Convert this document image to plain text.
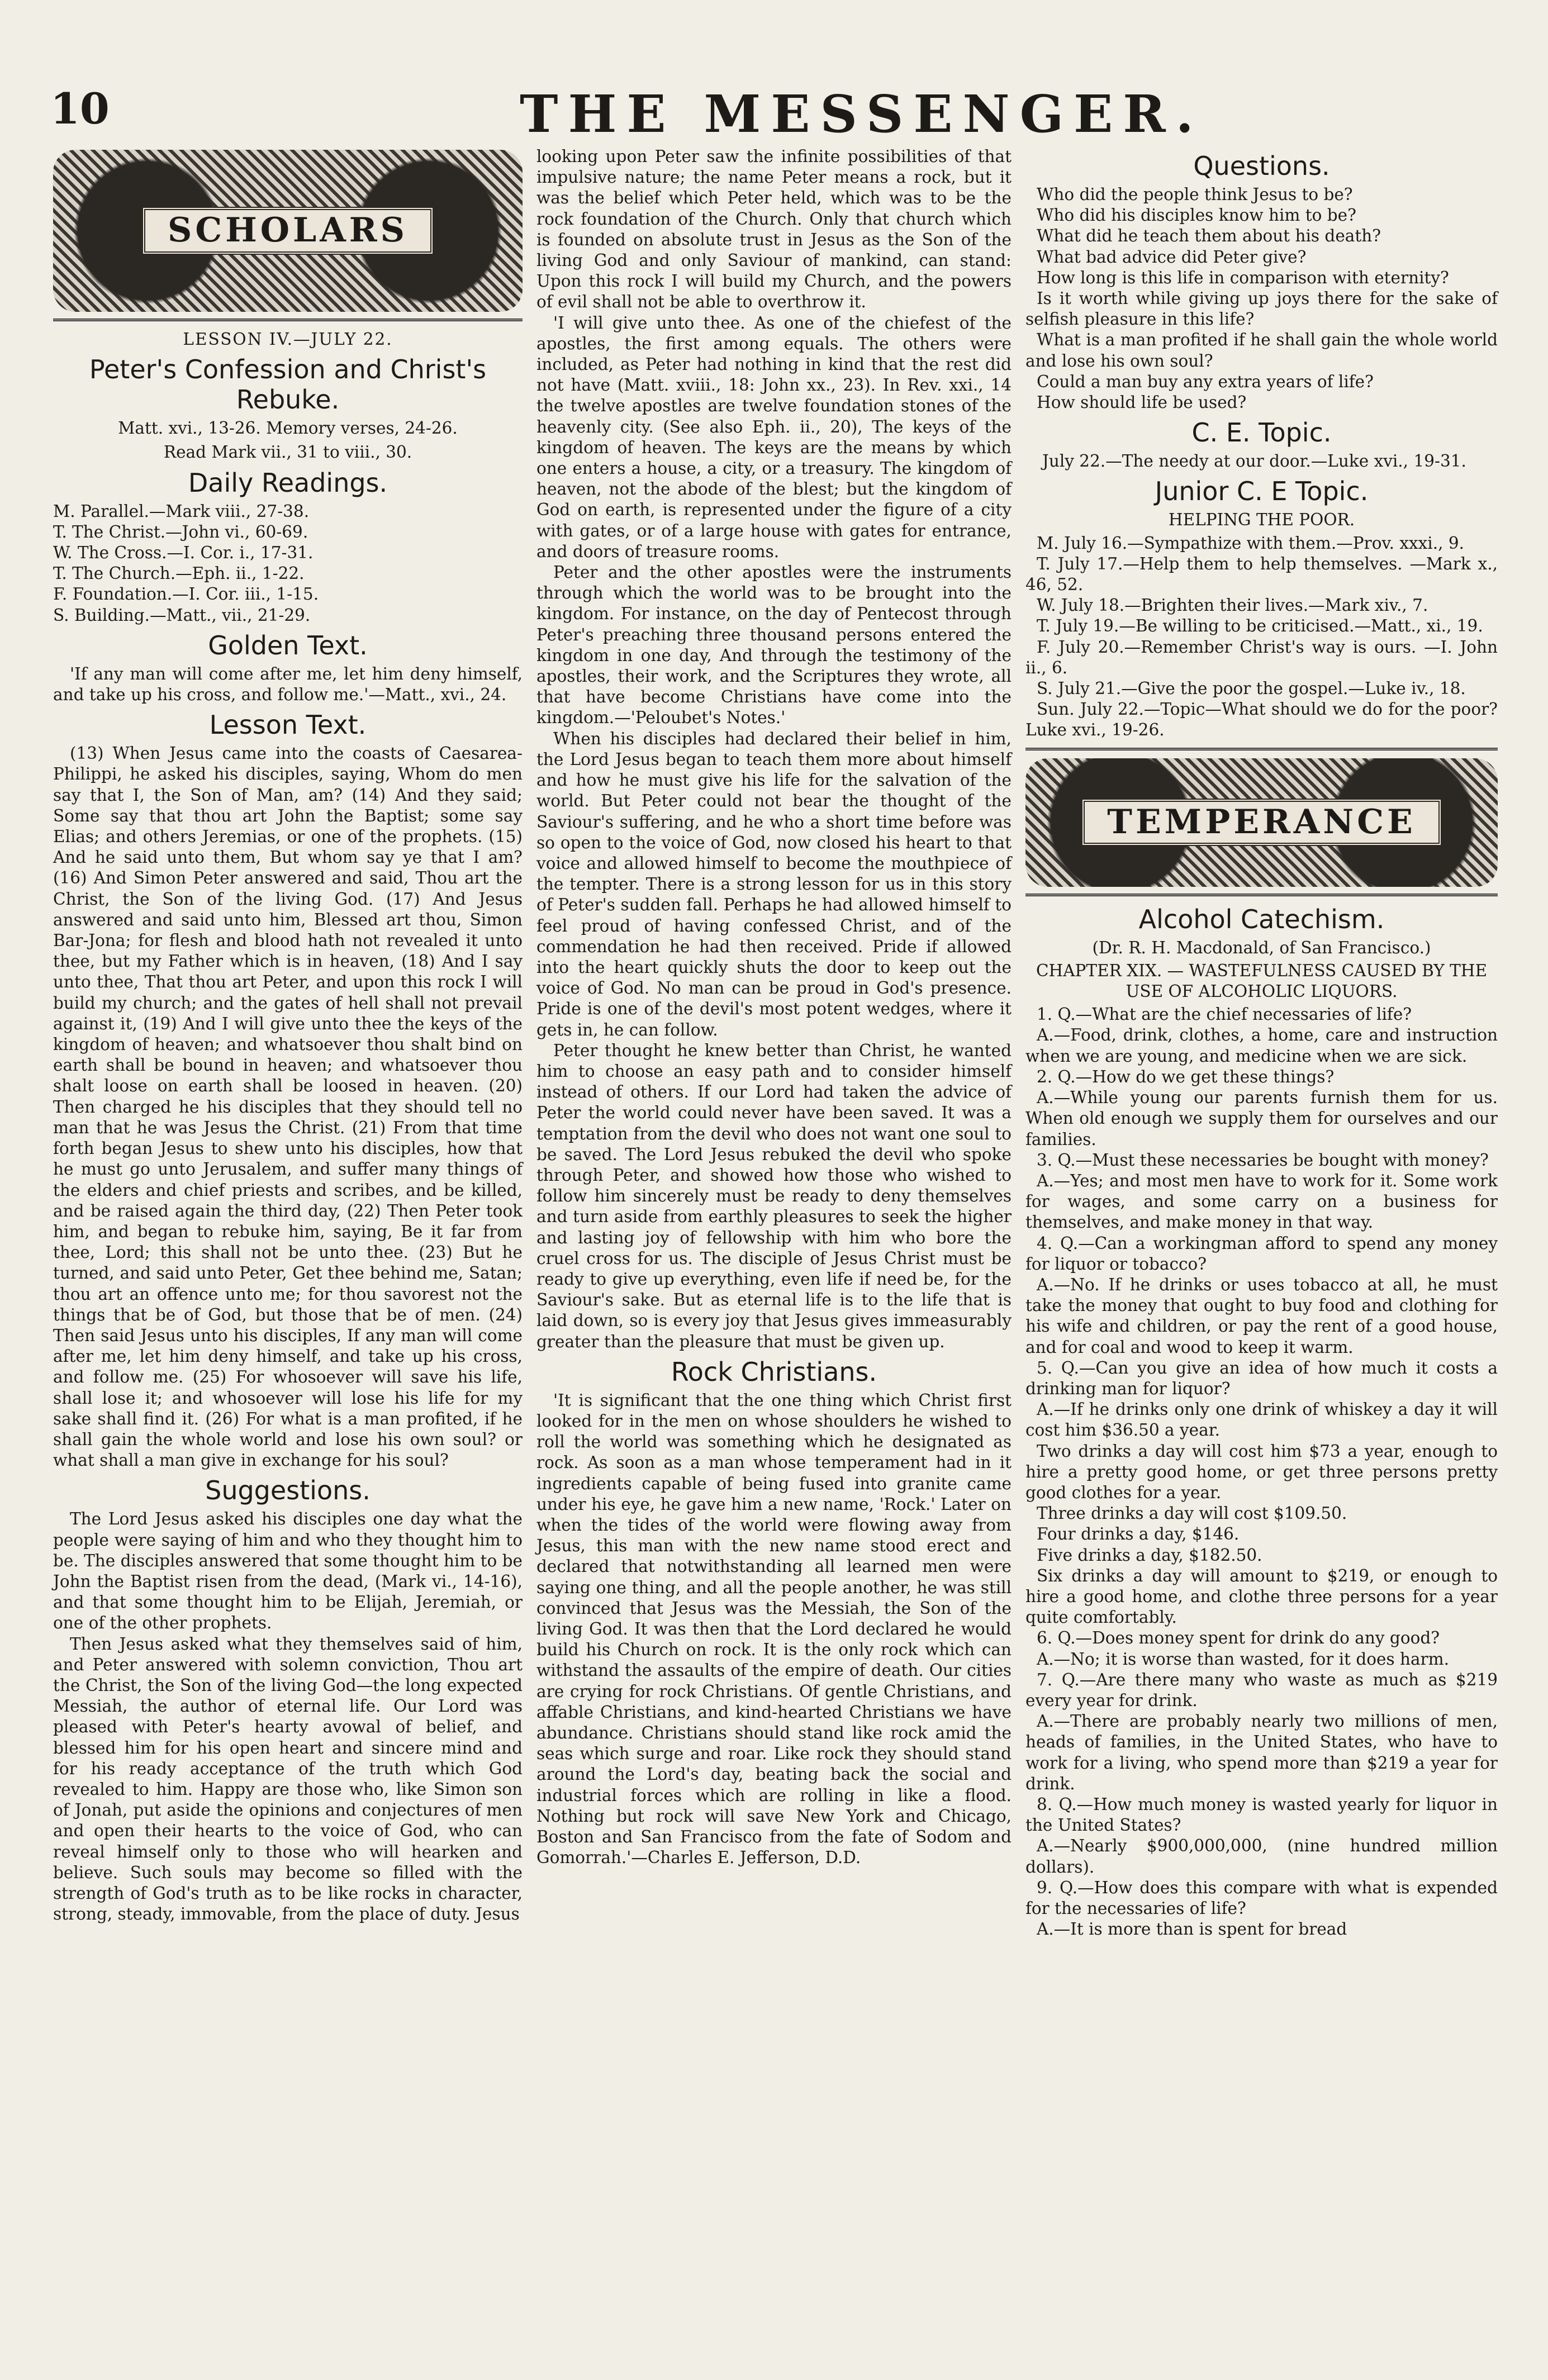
10	THE MESSENGER.
SCHOLARS
LESSON IV.—JULY 22.
Peter's Confession and Christ's Rebuke.
Matt. xvi., 13-26. Memory verses, 24-26.
Read Mark vii., 31 to viii., 30.
Daily Readings.
M. Parallel.—Mark viii., 27-38.
T. The Christ.—John vi., 60-69.
W. The Cross.—I. Cor. i., 17-31.
T. The Church.—Eph. ii., 1-22.
F. Foundation.—I. Cor. iii., 1-15.
S. Building.—Matt., vii., 21-29.
Golden Text.

'If any man will come after me, let him deny himself, and take up his cross, and follow me.'—Matt., xvi., 24.

Lesson Text.

(13) When Jesus came into the coasts of Caesarea-Philippi, he asked his disciples, saying, Whom do men say that I, the Son of Man, am? (14) And they said; Some say that thou art John the Baptist; some say Elias; and others Jeremias, or one of the prophets. (15) And he said unto them, But whom say ye that I am? (16) And Simon Peter answered and said, Thou art the Christ, the Son of the living God. (17) And Jesus answered and said unto him, Blessed art thou, Simon Bar-Jona; for flesh and blood hath not revealed it unto thee, but my Father which is in heaven, (18) And I say unto thee, That thou art Peter, and upon this rock I will build my church; and the gates of hell shall not prevail against it, (19) And I will give unto thee the keys of the kingdom of heaven; and whatsoever thou shalt bind on earth shall be bound in heaven; and whatsoever thou shalt loose on earth shall be loosed in heaven. (20) Then charged he his disciples that they should tell no man that he was Jesus the Christ. (21) From that time forth began Jesus to shew unto his disciples, how that he must go unto Jerusalem, and suffer many things of the elders and chief priests and scribes, and be killed, and be raised again the third day, (22) Then Peter took him, and began to rebuke him, saying, Be it far from thee, Lord; this shall not be unto thee. (23) But he turned, and said unto Peter, Get thee behind me, Satan; thou art an offence unto me; for thou savorest not the things that be of God, but those that be of men. (24) Then said Jesus unto his disciples, If any man will come after me, let him deny himself, and take up his cross, and follow me. (25) For whosoever will save his life, shall lose it; and whosoever will lose his life for my sake shall find it. (26) For what is a man profited, if he shall gain the whole world and lose his own soul? or what shall a man give in exchange for his soul?

Suggestions.

The Lord Jesus asked his disciples one day what the people were saying of him and who they thought him to be. The disciples answered that some thought him to be John the Baptist risen from the dead, (Mark vi., 14-16), and that some thought him to be Elijah, Jeremiah, or one of the other prophets.

Then Jesus asked what they themselves said of him, and Peter answered with solemn conviction, Thou art the Christ, the Son of the living God—the long expected Messiah, the author of eternal life. Our Lord was pleased with Peter's hearty avowal of belief, and blessed him for his open heart and sincere mind and for his ready acceptance of the truth which God revealed to him. Happy are those who, like Simon son of Jonah, put aside the opinions and conjectures of men and open their hearts to the voice of God, who can reveal himself only to those who will hearken and believe. Such souls may become so filled with the strength of God's truth as to be like rocks in character, strong, steady, immovable, from the place of duty. Jesus

looking upon Peter saw the infinite possibilities of that impulsive nature; the name Peter means a rock, but it was the belief which Peter held, which was to be the rock foundation of the Church. Only that church which is founded on absolute trust in Jesus as the Son of the living God and only Saviour of mankind, can stand: Upon this rock I will build my Church, and the powers of evil shall not be able to overthrow it.

'I will give unto thee. As one of the chiefest of the apostles, the first among equals. The others were included, as Peter had nothing in kind that the rest did not have (Matt. xviii., 18: John xx., 23). In Rev. xxi., 14 the twelve apostles are twelve foundation stones of the heavenly city. (See also Eph. ii., 20), The keys of the kingdom of heaven. The keys are the means by which one enters a house, a city, or a treasury. The kingdom of heaven, not the abode of the blest; but the kingdom of God on earth, is represented under the figure of a city with gates, or of a large house with gates for entrance, and doors of treasure rooms.

Peter and the other apostles were the instruments through which the world was to be brought into the kingdom. For instance, on the day of Pentecost through Peter's preaching three thousand persons entered the kingdom in one day, And through the testimony of the apostles, their work, and the Scriptures they wrote, all that have become Christians have come into the kingdom.—'Peloubet's Notes.'

When his disciples had declared their belief in him, the Lord Jesus began to teach them more about himself and how he must give his life for the salvation of the world. But Peter could not bear the thought of the Saviour's suffering, and he who a short time before was so open to the voice of God, now closed his heart to that voice and allowed himself to become the mouthpiece of the tempter. There is a strong lesson for us in this story of Peter's sudden fall. Perhaps he had allowed himself to feel proud of having confessed Christ, and of the commendation he had then received. Pride if allowed into the heart quickly shuts the door to keep out the voice of God. No man can be proud in God's presence. Pride is one of the devil's most potent wedges, where it gets in, he can follow.

Peter thought he knew better than Christ, he wanted him to choose an easy path and to consider himself instead of others. If our Lord had taken the advice of Peter the world could never have been saved. It was a temptation from the devil who does not want one soul to be saved. The Lord Jesus rebuked the devil who spoke through Peter, and showed how those who wished to follow him sincerely must be ready to deny themselves and turn aside from earthly pleasures to seek the higher and lasting joy of fellowship with him who bore the cruel cross for us. The disciple of Jesus Christ must be ready to give up everything, even life if need be, for the Saviour's sake. But as eternal life is to the life that is laid down, so is every joy that Jesus gives immeasurably greater than the pleasure that must be given up.

Rock Christians.

'It is significant that the one thing which Christ first looked for in the men on whose shoulders he wished to roll the world was something which he designated as rock. As soon as a man whose temperament had in it ingredients capable of being fused into granite came under his eye, he gave him a new name, 'Rock.' Later on when the tides of the world were flowing away from Jesus, this man with the new name stood erect and declared that notwithstanding all learned men were saying one thing, and all the people another, he was still convinced that Jesus was the Messiah, the Son of the living God. It was then that the Lord declared he would build his Church on rock. It is the only rock which can withstand the assaults of the empire of death. Our cities are crying for rock Christians. Of gentle Christians, and affable Christians, and kind-hearted Christians we have abundance. Christians should stand like rock amid the seas which surge and roar. Like rock they should stand around the Lord's day, beating back the social and industrial forces which are rolling in like a flood. Nothing but rock will save New York and Chicago, Boston and San Francisco from the fate of Sodom and Gomorrah.'—Charles E. Jefferson, D.D.

Questions.

Who did the people think Jesus to be?

Who did his disciples know him to be?

What did he teach them about his death?

What bad advice did Peter give?

How long is this life in comparison with eternity?

Is it worth while giving up joys there for the sake of selfish pleasure in this life?

What is a man profited if he shall gain the whole world and lose his own soul?

Could a man buy any extra years of life?

How should life be used?

C. E. Topic.

July 22.—The needy at our door.—Luke xvi., 19-31.

Junior C. E Topic.
HELPING THE POOR.

M. July 16.—Sympathize with them.—Prov. xxxi., 9.

T. July 17.—Help them to help themselves. —Mark x., 46, 52.

W. July 18.—Brighten their lives.—Mark xiv., 7.

T. July 19.—Be willing to be criticised.—Matt., xi., 19.

F. July 20.—Remember Christ's way is ours. —I. John ii., 6.

S. July 21.—Give the poor the gospel.—Luke iv., 18.

Sun. July 22.—Topic—What should we do for the poor? Luke xvi., 19-26.

TEMPERANCE
Alcohol Catechism.
(Dr. R. H. Macdonald, of San Francisco.)
CHAPTER XIX. — WASTEFULNESS CAUSED BY THE USE OF ALCOHOLIC LIQUORS.

1. Q.—What are the chief necessaries of life?

A.—Food, drink, clothes, a home, care and instruction when we are young, and medicine when we are sick.

2. Q.—How do we get these things?

A.—While young our parents furnish them for us. When old enough we supply them for ourselves and our families.

3. Q.—Must these necessaries be bought with money?

A.—Yes; and most men have to work for it. Some work for wages, and some carry on a business for themselves, and make money in that way.

4. Q.—Can a workingman afford to spend any money for liquor or tobacco?

A.—No. If he drinks or uses tobacco at all, he must take the money that ought to buy food and clothing for his wife and children, or pay the rent of a good house, and for coal and wood to keep it warm.

5. Q.—Can you give an idea of how much it costs a drinking man for liquor?

A.—If he drinks only one drink of whiskey a day it will cost him $36.50 a year.

Two drinks a day will cost him $73 a year, enough to hire a pretty good home, or get three persons pretty good clothes for a year.

Three drinks a day will cost $109.50.

Four drinks a day, $146.

Five drinks a day, $182.50.

Six drinks a day will amount to $219, or enough to hire a good home, and clothe three persons for a year quite comfortably.

6. Q.—Does money spent for drink do any good?

A.—No; it is worse than wasted, for it does harm.

7. Q.—Are there many who waste as much as $219 every year for drink.

A.—There are probably nearly two millions of men, heads of families, in the United States, who have to work for a living, who spend more than $219 a year for drink.

8. Q.—How much money is wasted yearly for liquor in the United States?

A.—Nearly $900,000,000, (nine hundred million dollars).

9. Q.—How does this compare with what is expended for the necessaries of life?

A.—It is more than is spent for bread
